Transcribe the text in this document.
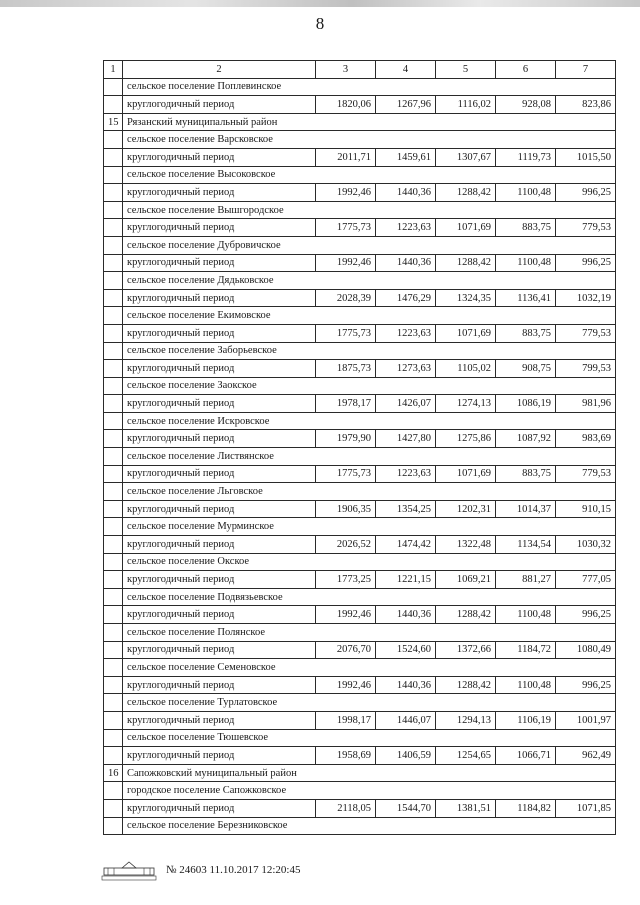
8
1	2	3	4	5	6	7
	сельское поселение Поплевинское					
	круглогодичный период	1820,06	1267,96	1116,02	928,08	823,86
15	Рязанский муниципальный район					
	сельское поселение Варсковское					
	круглогодичный период	2011,71	1459,61	1307,67	1119,73	1015,50
	сельское поселение Высоковское					
	круглогодичный период	1992,46	1440,36	1288,42	1100,48	996,25
	сельское поселение Вышгородское					
	круглогодичный период	1775,73	1223,63	1071,69	883,75	779,53
	сельское поселение Дубровичское					
	круглогодичный период	1992,46	1440,36	1288,42	1100,48	996,25
	сельское поселение Дядьковское					
	круглогодичный период	2028,39	1476,29	1324,35	1136,41	1032,19
	сельское поселение Екимовское					
	круглогодичный период	1775,73	1223,63	1071,69	883,75	779,53
	сельское поселение Заборьевское					
	круглогодичный период	1875,73	1273,63	1105,02	908,75	799,53
	сельское поселение Заокское					
	круглогодичный период	1978,17	1426,07	1274,13	1086,19	981,96
	сельское поселение Искровское					
	круглогодичный период	1979,90	1427,80	1275,86	1087,92	983,69
	сельское поселение Листвянское					
	круглогодичный период	1775,73	1223,63	1071,69	883,75	779,53
	сельское поселение Льговское					
	круглогодичный период	1906,35	1354,25	1202,31	1014,37	910,15
	сельское поселение Мурминское					
	круглогодичный период	2026,52	1474,42	1322,48	1134,54	1030,32
	сельское поселение Окское					
	круглогодичный период	1773,25	1221,15	1069,21	881,27	777,05
	сельское поселение Подвязьевское					
	круглогодичный период	1992,46	1440,36	1288,42	1100,48	996,25
	сельское поселение Полянское					
	круглогодичный период	2076,70	1524,60	1372,66	1184,72	1080,49
	сельское поселение Семеновское					
	круглогодичный период	1992,46	1440,36	1288,42	1100,48	996,25
	сельское поселение Турлатовское					
	круглогодичный период	1998,17	1446,07	1294,13	1106,19	1001,97
	сельское поселение Тюшевское					
	круглогодичный период	1958,69	1406,59	1254,65	1066,71	962,49
16	Сапожковский муниципальный район					
	городское поселение Сапожковское					
	круглогодичный период	2118,05	1544,70	1381,51	1184,82	1071,85
	сельское поселение Березниковское					
№ 24603 11.10.2017 12:20:45
